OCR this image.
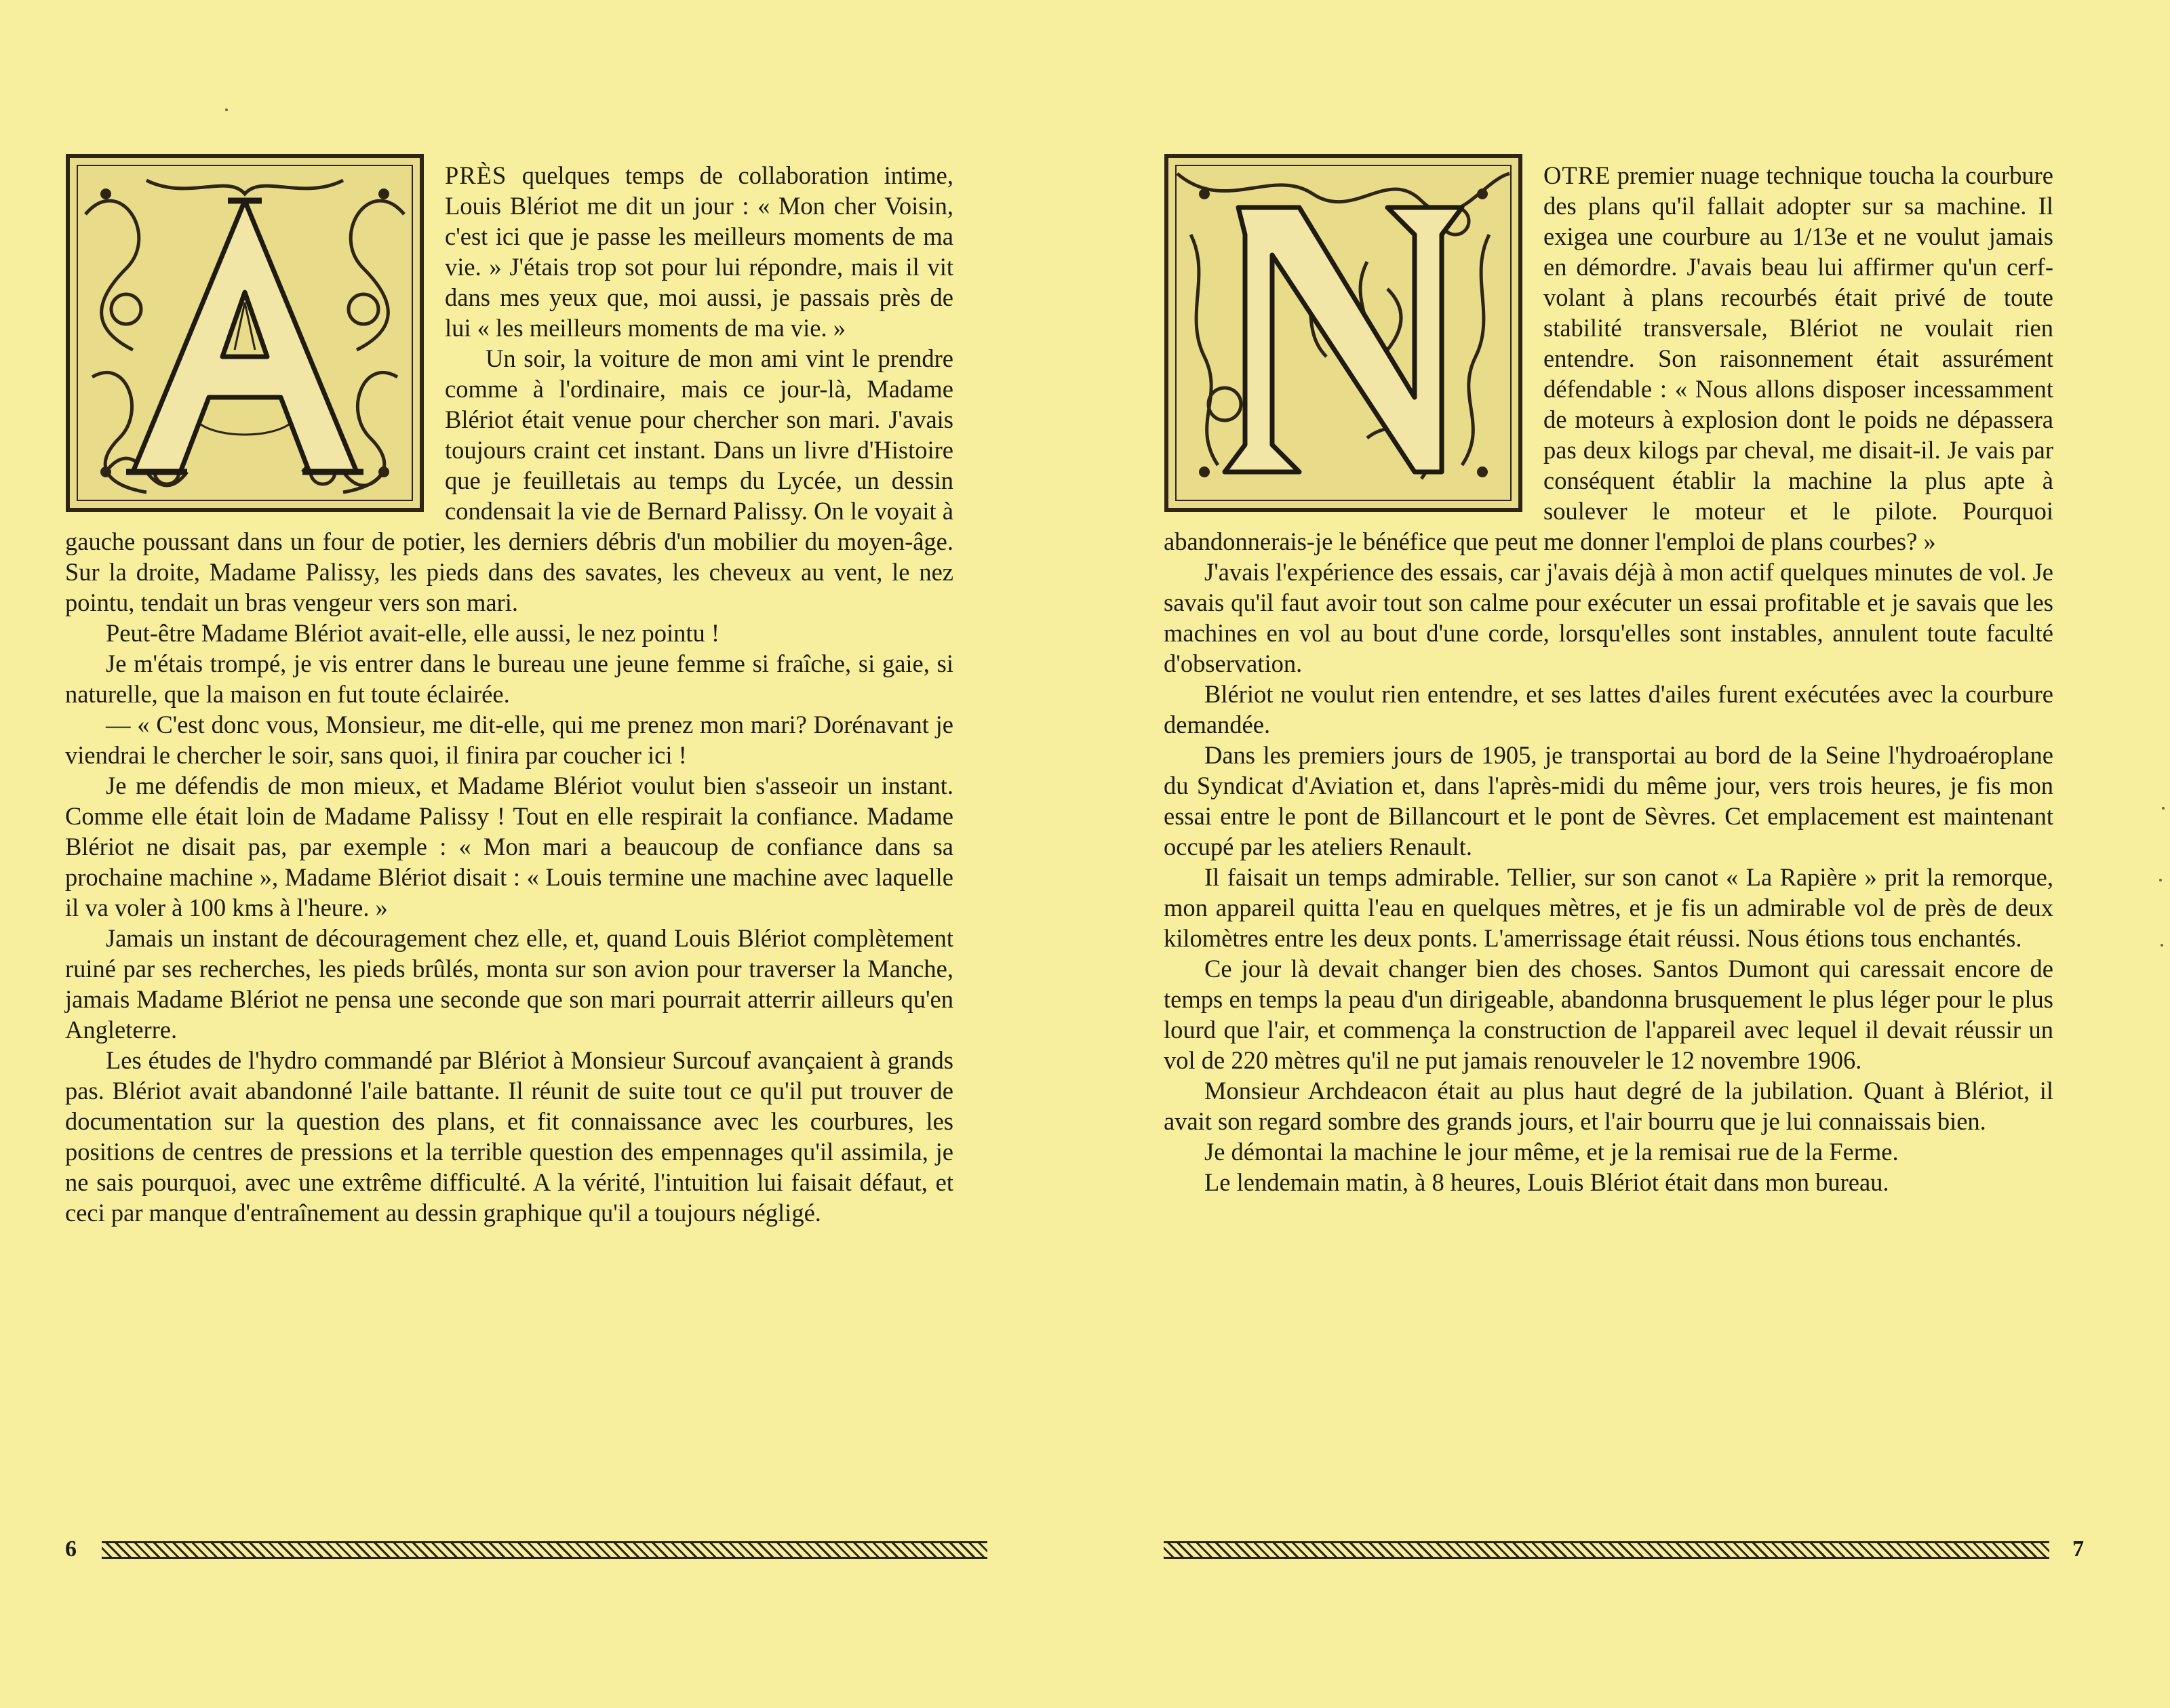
PRÈS quelques temps de collaboration intime, Louis Blériot me dit un jour : « Mon cher Voisin, c'est ici que je passe les meilleurs moments de ma vie. » J'étais trop sot pour lui répondre, mais il vit dans mes yeux que, moi aussi, je passais près de lui « les meilleurs moments de ma vie. »

Un soir, la voiture de mon ami vint le prendre comme à l'ordinaire, mais ce jour-là, Madame Blériot était venue pour chercher son mari. J'avais toujours craint cet instant. Dans un livre d'Histoire que je feuilletais au temps du Lycée, un dessin condensait la vie de Bernard Palissy. On le voyait à gauche poussant dans un four de potier, les derniers débris d'un mobilier du moyen-âge. Sur la droite, Madame Palissy, les pieds dans des savates, les cheveux au vent, le nez pointu, tendait un bras vengeur vers son mari.

Peut-être Madame Blériot avait-elle, elle aussi, le nez pointu !

Je m'étais trompé, je vis entrer dans le bureau une jeune femme si fraîche, si gaie, si naturelle, que la maison en fut toute éclairée.

— « C'est donc vous, Monsieur, me dit-elle, qui me prenez mon mari? Dorénavant je viendrai le chercher le soir, sans quoi, il finira par coucher ici !

Je me défendis de mon mieux, et Madame Blériot voulut bien s'asseoir un instant. Comme elle était loin de Madame Palissy ! Tout en elle respirait la confiance. Madame Blériot ne disait pas, par exemple : « Mon mari a beaucoup de confiance dans sa prochaine machine », Madame Blériot disait : « Louis termine une machine avec laquelle il va voler à 100 kms à l'heure. »

Jamais un instant de découragement chez elle, et, quand Louis Blériot complètement ruiné par ses recherches, les pieds brûlés, monta sur son avion pour traverser la Manche, jamais Madame Blériot ne pensa une seconde que son mari pourrait atterrir ailleurs qu'en Angleterre.

Les études de l'hydro commandé par Blériot à Monsieur Surcouf avançaient à grands pas. Blériot avait abandonné l'aile battante. Il réunit de suite tout ce qu'il put trouver de documentation sur la question des plans, et fit connaissance avec les courbures, les positions de centres de pressions et la terrible question des empennages qu'il assimila, je ne sais pourquoi, avec une extrême difficulté. A la vérité, l'intuition lui faisait défaut, et ceci par manque d'entraînement au dessin graphique qu'il a toujours négligé.

6

OTRE premier nuage technique toucha la courbure des plans qu'il fallait adopter sur sa machine. Il exigea une courbure au 1/13e et ne voulut jamais en démordre. J'avais beau lui affirmer qu'un cerf-volant à plans recourbés était privé de toute stabilité transversale, Blériot ne voulait rien entendre. Son raisonnement était assurément défendable : « Nous allons disposer incessamment de moteurs à explosion dont le poids ne dépassera pas deux kilogs par cheval, me disait-il. Je vais par conséquent établir la machine la plus apte à soulever le moteur et le pilote. Pourquoi abandonnerais-je le bénéfice que peut me donner l'emploi de plans courbes? »

J'avais l'expérience des essais, car j'avais déjà à mon actif quelques minutes de vol. Je savais qu'il faut avoir tout son calme pour exécuter un essai profitable et je savais que les machines en vol au bout d'une corde, lorsqu'elles sont instables, annulent toute faculté d'observation.

Blériot ne voulut rien entendre, et ses lattes d'ailes furent exécutées avec la courbure demandée.

Dans les premiers jours de 1905, je transportai au bord de la Seine l'hydroaéroplane du Syndicat d'Aviation et, dans l'après-midi du même jour, vers trois heures, je fis mon essai entre le pont de Billancourt et le pont de Sèvres. Cet emplacement est maintenant occupé par les ateliers Renault.

Il faisait un temps admirable. Tellier, sur son canot « La Rapière » prit la remorque, mon appareil quitta l'eau en quelques mètres, et je fis un admirable vol de près de deux kilomètres entre les deux ponts. L'amerrissage était réussi. Nous étions tous enchantés.

Ce jour là devait changer bien des choses. Santos Dumont qui caressait encore de temps en temps la peau d'un dirigeable, abandonna brusquement le plus léger pour le plus lourd que l'air, et commença la construction de l'appareil avec lequel il devait réussir un vol de 220 mètres qu'il ne put jamais renouveler le 12 novembre 1906.

Monsieur Archdeacon était au plus haut degré de la jubilation. Quant à Blériot, il avait son regard sombre des grands jours, et l'air bourru que je lui connaissais bien.

Je démontai la machine le jour même, et je la remisai rue de la Ferme.

Le lendemain matin, à 8 heures, Louis Blériot était dans mon bureau.

7
